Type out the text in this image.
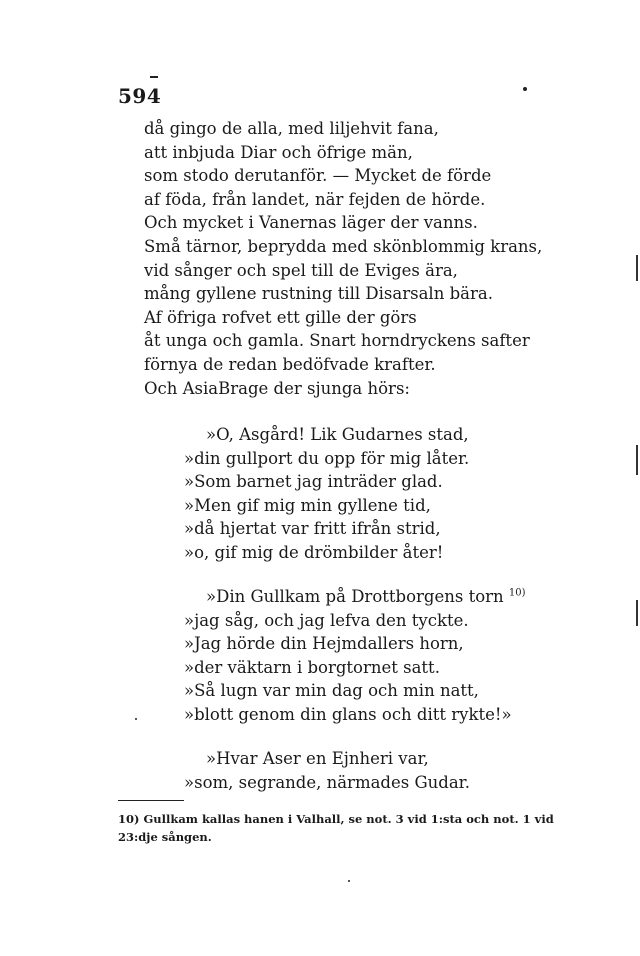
594
då gingo de alla, med liljehvit fana,
att inbjuda Diar och öfrige män,
som stodo derutanför. — Mycket de förde
af föda, från landet, när fejden de hörde.
Och mycket i Vanernas läger der vanns.
Små tärnor, beprydda med skönblommig krans,
vid sånger och spel till de Eviges ära,
mång gyllene rustning till Disarsaln bära.
Af öfriga rofvet ett gille der görs
åt unga och gamla. Snart horndryckens safter
förnya de redan bedöfvade krafter.
Och AsiaBrage der sjunga hörs:
»O, Asgård! Lik Gudarnes stad,
»din gullport du opp för mig låter.
»Som barnet jag inträder glad.
»Men gif mig min gyllene tid,
»då hjertat var fritt ifrån strid,
»o, gif mig de drömbilder åter!
»Din Gullkam på Drottborgens torn $^{10)}$
»jag såg, och jag lefva den tyckte.
»Jag hörde din Hejmdallers horn,
»der väktarn i borgtornet satt.
»Så lugn var min dag och min natt,
»blott genom din glans och ditt rykte!»
»Hvar Aser en Ejnheri var,
»som, segrande, närmades Gudar.

10) Gullkam kallas hanen i Valhall, se not. 3 vid 1:sta och not. 1 vid 23:dje sången.
